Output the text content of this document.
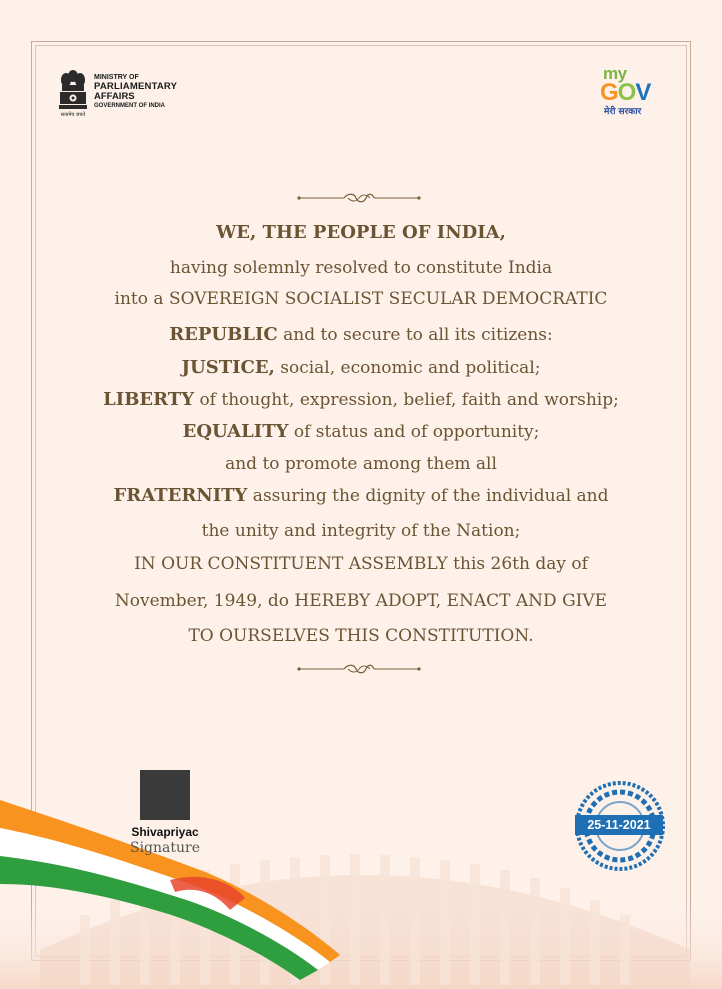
सत्यमेव जयते
MINISTRY OF
PARLIAMENTARY
AFFAIRS
GOVERNMENT OF INDIA
my
GOV
मेरी सरकार
WE, THE PEOPLE OF INDIA,
having solemnly resolved to constitute India
into a SOVEREIGN SOCIALIST SECULAR DEMOCRATIC
REPUBLIC and to secure to all its citizens:
JUSTICE, social, economic and political;
LIBERTY of thought, expression, belief, faith and worship;
EQUALITY of status and of opportunity;
and to promote among them all
FRATERNITY assuring the dignity of the individual and
the unity and integrity of the Nation;
IN OUR CONSTITUENT ASSEMBLY this 26th day of
November, 1949, do HEREBY ADOPT, ENACT AND GIVE
TO OURSELVES THIS CONSTITUTION.
Shivapriyac
Signature
25-11-2021
